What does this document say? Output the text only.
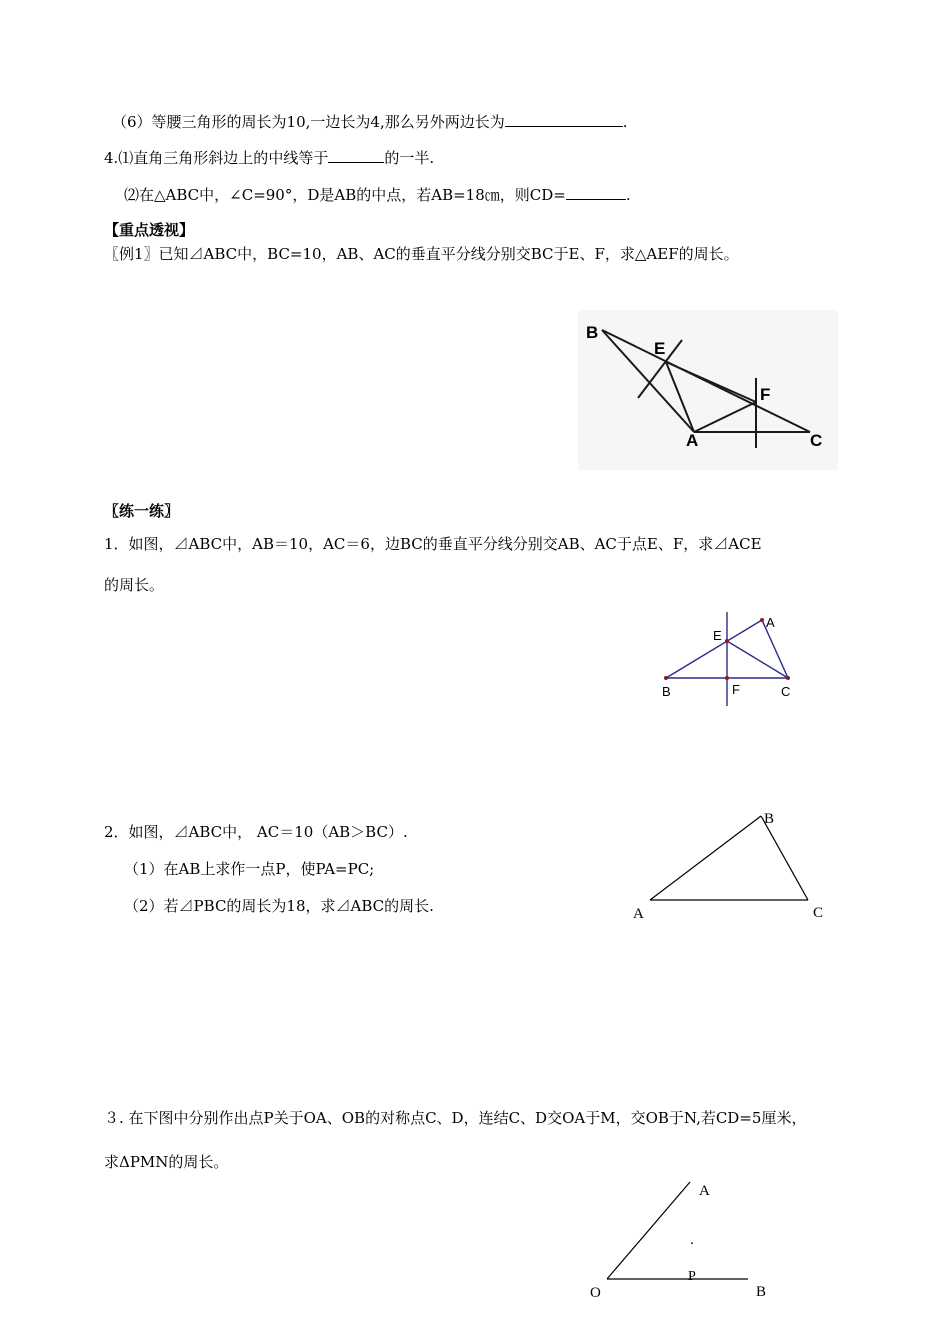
（6）等腰三角形的周长为10,一边长为4,那么另外两边长为	.
4.⑴直角三角形斜边上的中线等于	的一半.
⑵在△ABC中，∠C=90°，D是AB的中点，若AB=18㎝，则CD=	.
【重点透视】
〖例1〗已知⊿ABC中，BC=10，AB、AC的垂直平分线分别交BC于E、F，求△AEF的周长。
B
E
F
A	C
〖练一练〗
1．如图，⊿ABC中，AB＝10，AC＝6，边BC的垂直平分线分别交AB、AC于点E、F，求⊿ACE
的周长。
E
A
B	F	C
2．如图，⊿ABC中， AC＝10（AB＞BC）.
（1）在AB上求作一点P，使PA=PC;
（2）若⊿PBC的周长为18，求⊿ABC的周长.
B
A	C
３. 在下图中分别作出点P关于OA、OB的对称点C、D，连结C、D交OA于M，交OB于N,若CD=5厘米，
求ΔPMN的周长。
A
.
P
O	B
